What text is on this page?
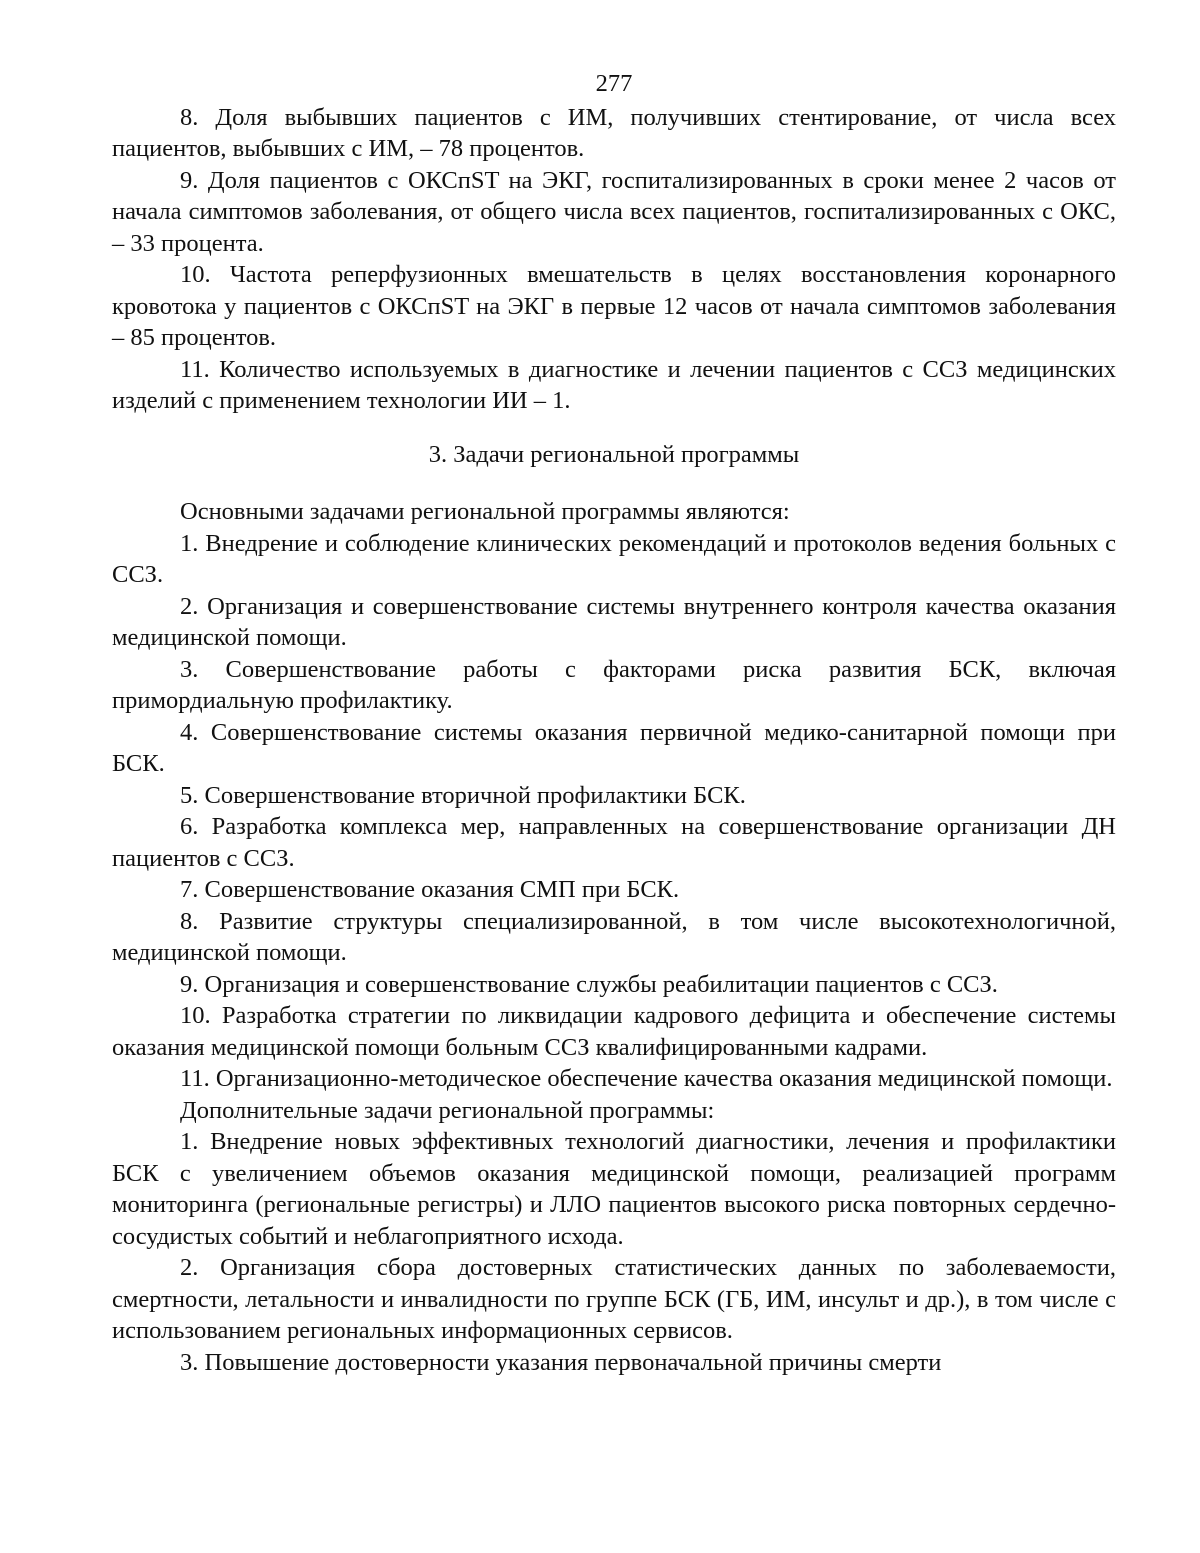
277

8. Доля выбывших пациентов с ИМ, получивших стентирование, от числа всех пациентов, выбывших с ИМ, – 78 процентов.

9. Доля пациентов с ОКСпST на ЭКГ, госпитализированных в сроки менее 2 часов от начала симптомов заболевания, от общего числа всех пациентов, госпитализированных с ОКС, – 33 процента.

10. Частота реперфузионных вмешательств в целях восстановления коронарного кровотока у пациентов с ОКСпST на ЭКГ в первые 12 часов от начала симптомов заболевания – 85 процентов.

11. Количество используемых в диагностике и лечении пациентов с ССЗ медицинских изделий с применением технологии ИИ – 1.

3. Задачи региональной программы

Основными задачами региональной программы являются:

1. Внедрение и соблюдение клинических рекомендаций и протоколов ведения больных с ССЗ.

2. Организация и совершенствование системы внутреннего контроля качества оказания медицинской помощи.

3. Совершенствование работы с факторами риска развития БСК, включая примордиальную профилактику.

4. Совершенствование системы оказания первичной медико-санитарной помощи при БСК.

5. Совершенствование вторичной профилактики БСК.

6. Разработка комплекса мер, направленных на совершенствование организации ДН пациентов с ССЗ.

7. Совершенствование оказания СМП при БСК.

8. Развитие структуры специализированной, в том числе высокотехнологичной, медицинской помощи.

9. Организация и совершенствование службы реабилитации пациентов с ССЗ.

10. Разработка стратегии по ликвидации кадрового дефицита и обеспечение системы оказания медицинской помощи больным ССЗ квалифицированными кадрами.

11. Организационно-методическое обеспечение качества оказания медицинской помощи.

Дополнительные задачи региональной программы:

1. Внедрение новых эффективных технологий диагностики, лечения и профилактики БСК с увеличением объемов оказания медицинской помощи, реализацией программ мониторинга (региональные регистры) и ЛЛО пациентов высокого риска повторных сердечно-сосудистых событий и неблагоприятного исхода.

2. Организация сбора достоверных статистических данных по заболеваемости, смертности, летальности и инвалидности по группе БСК (ГБ, ИМ, инсульт и др.), в том числе с использованием региональных информационных сервисов.

3. Повышение достоверности указания первоначальной причины смерти
